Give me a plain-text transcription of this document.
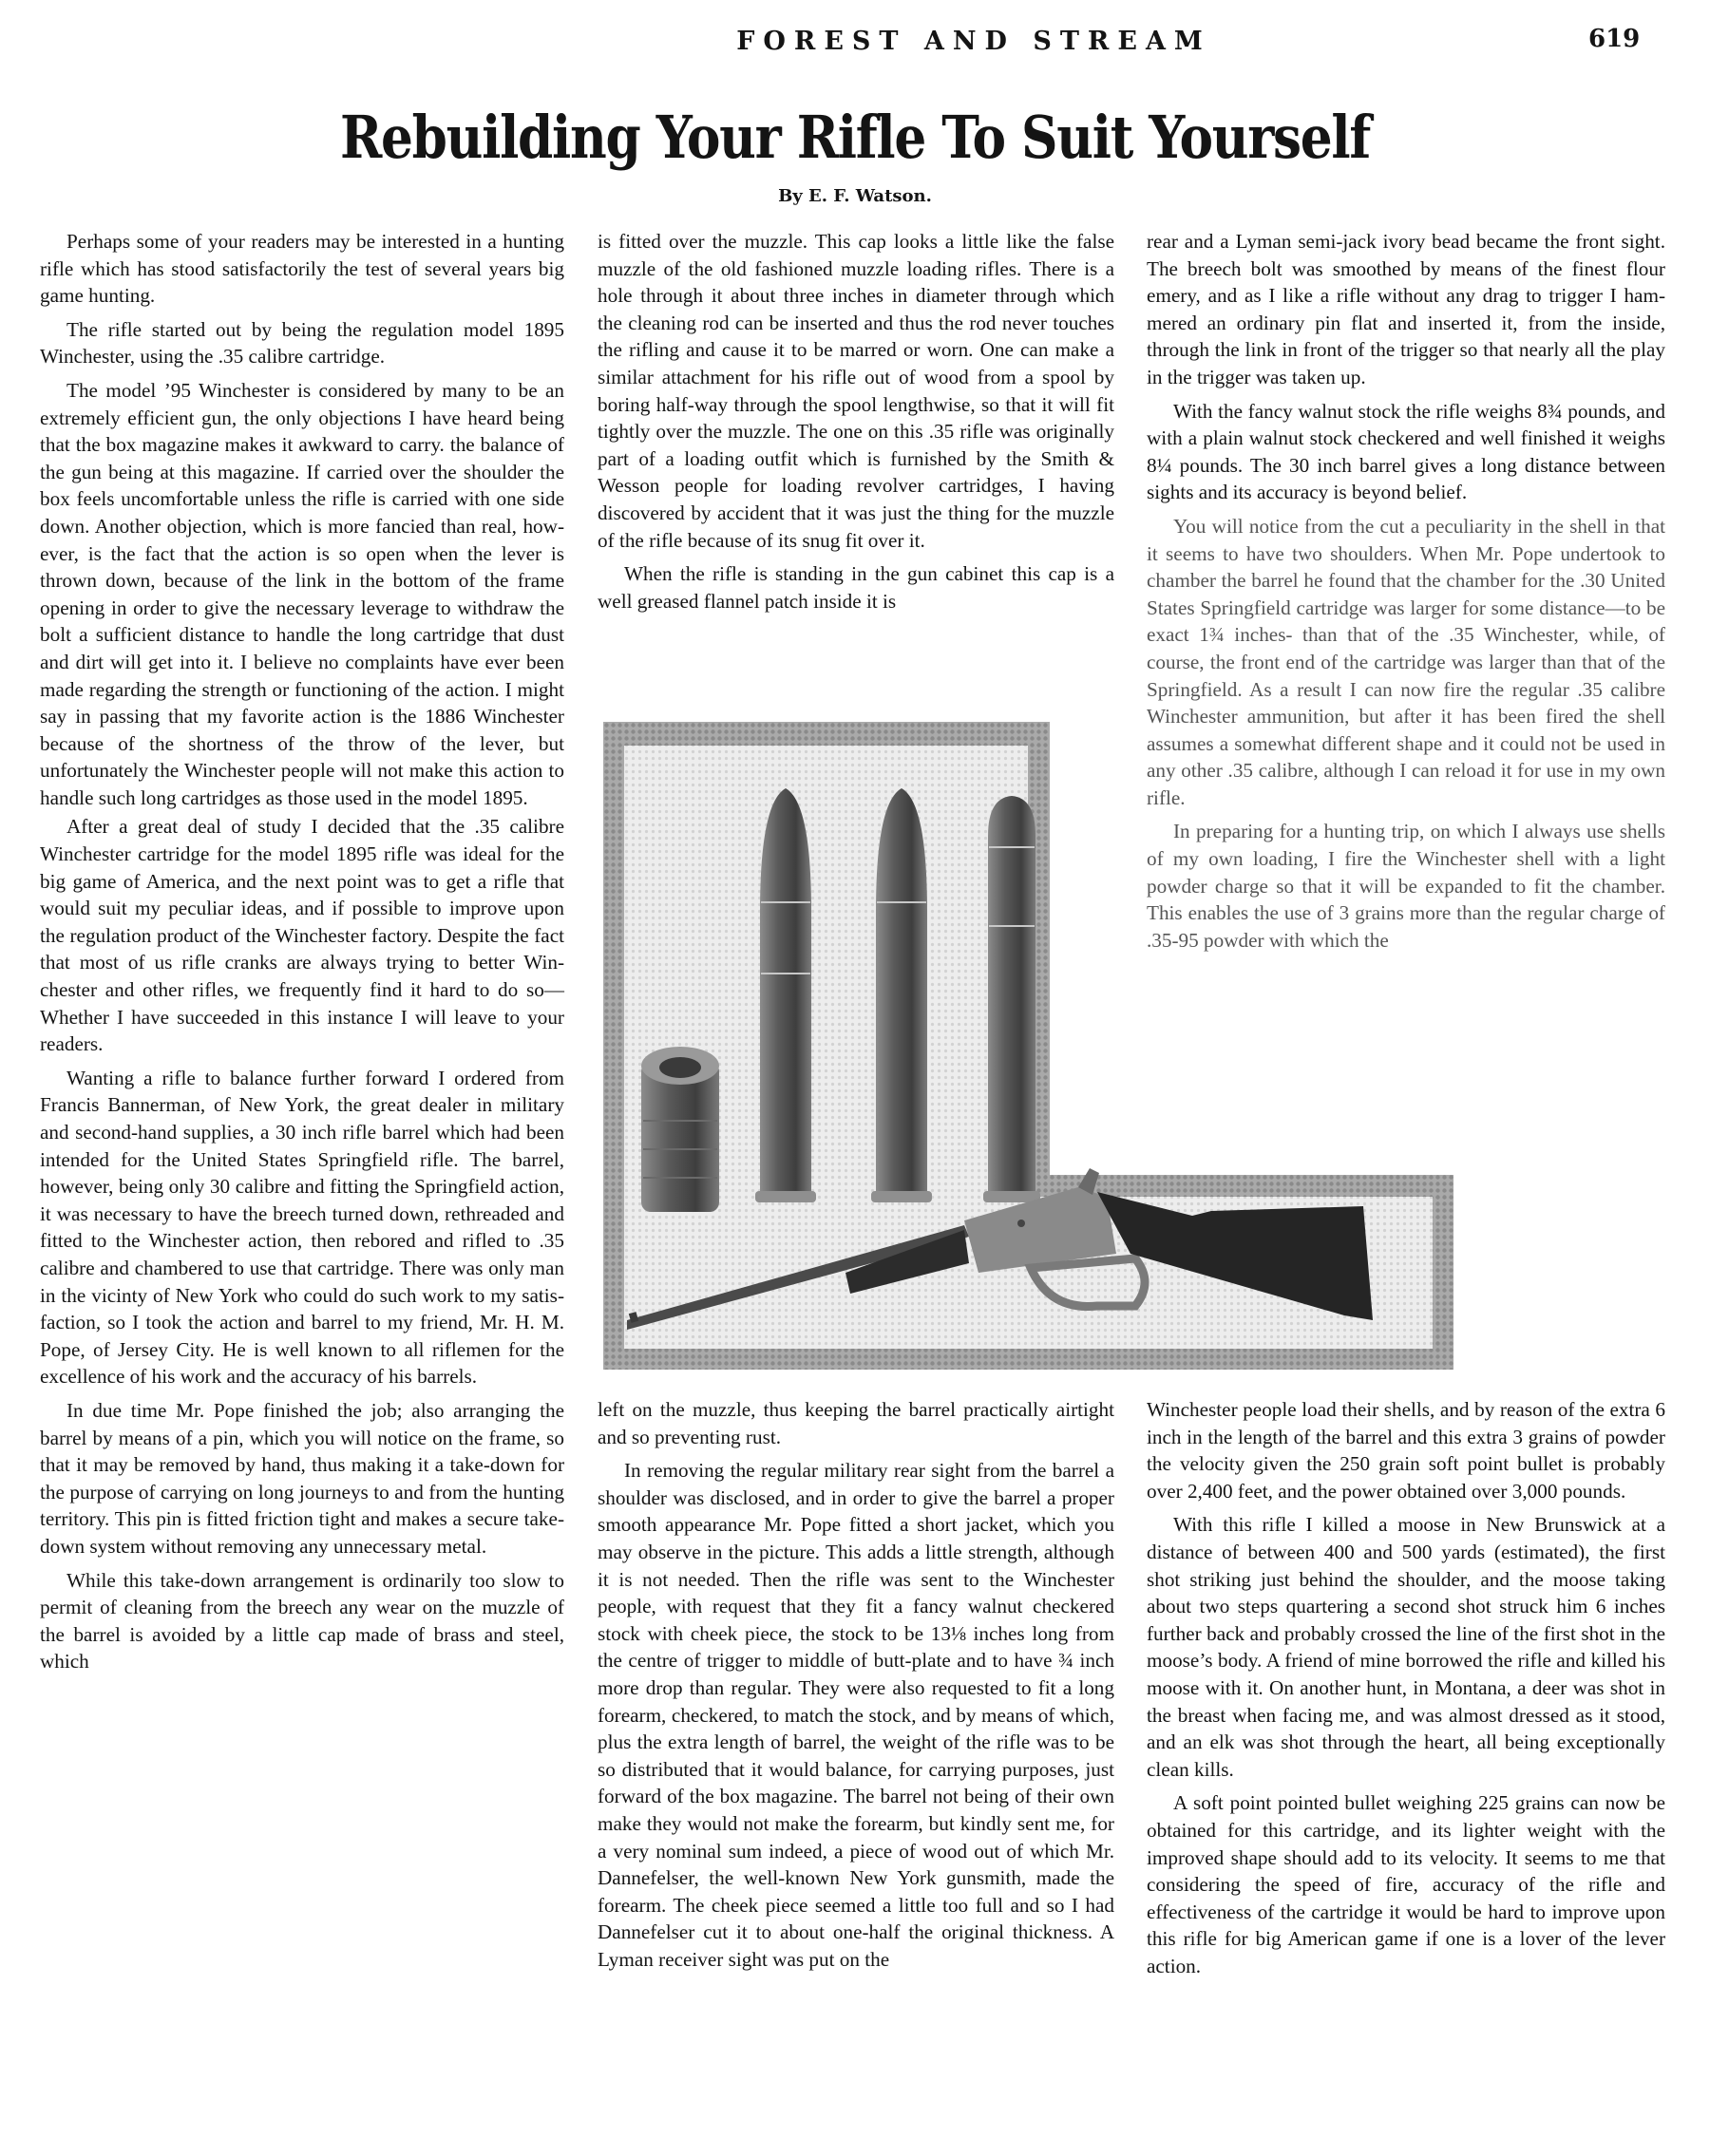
FOREST AND STREAM	619
Rebuilding Your Rifle To Suit Yourself
By E. F. Watson.

Perhaps some of your readers may be interested in a hunting rifle which has stood satisfactorily the test of several years big game hunting.

The rifle started out by being the regulation model 1895 Winchester, using the .35 calibre cartridge.

The model ’95 Winchester is considered by many to be an extremely efficient gun, the only objections I have heard being that the box magazine makes it awkward to carry. the balance of the gun being at this magazine. If carried over the shoulder the box feels uncomfortable unless the rifle is carried with one side down. Another objection, which is more fancied than real, however, is the fact that the action is so open when the lever is thrown down, because of the link in the bottom of the frame opening in order to give the necessary leverage to withdraw the bolt a sufficient distance to handle the long cartridge that dust and dirt will get into it. I believe no complaints have ever been made regarding the strength or functioning of the action. I might say in passing that my favorite action is the 1886 Winchester because of the shortness of the throw of the lever, but unfortunately the Winchester people will not make this action to handle such long cartridges as those used in the model 1895.

After a great deal of study I decided that the .35 calibre Winchester cartridge for the model 1895 rifle was ideal for the big game of America, and the next point was to get a rifle that would suit my peculiar ideas, and if possible to improve upon the regulation product of the Winchester factory. Despite the fact that most of us rifle cranks are always trying to better Winchester and other rifles, we frequently find it hard to do so—Whether I have succeeded in this instance I will leave to your readers.

Wanting a rifle to balance further forward I ordered from Francis Bannerman, of New York, the great dealer in military and second-hand supplies, a 30 inch rifle barrel which had been intended for the United States Springfield rifle. The barrel, however, being only 30 calibre and fitting the Springfield action, it was necessary to have the breech turned down, rethreaded and fitted to the Winchester action, then rebored and rifled to .35 calibre and chambered to use that cartridge. There was only man in the vicinty of New York who could do such work to my satisfaction, so I took the action and barrel to my friend, Mr. H. M. Pope, of Jersey City. He is well known to all riflemen for the excellence of his work and the accuracy of his barrels.

In due time Mr. Pope finished the job; also arranging the barrel by means of a pin, which you will notice on the frame, so that it may be removed by hand, thus making it a take-down for the purpose of carrying on long journeys to and from the hunting territory. This pin is fitted friction tight and makes a secure takedown system without removing any unnecessary metal.

While this take-down arrangement is ordinarily too slow to permit of cleaning from the breech any wear on the muzzle of the barrel is avoided by a little cap made of brass and steel, which

is fitted over the muzzle. This cap looks a little like the false muzzle of the old fashioned muzzle loading rifles. There is a hole through it about three inches in diameter through which the cleaning rod can be inserted and thus the rod never touches the rifling and cause it to be marred or worn. One can make a similar attachment for his rifle out of wood from a spool by boring half-way through the spool lengthwise, so that it will fit tightly over the muzzle. The one on this .35 rifle was originally part of a loading outfit which is furnished by the Smith & Wesson people for loading revolver cartridges, I having discovered by accident that it was just the thing for the muzzle of the rifle because of its snug fit over it.

When the rifle is standing in the gun cabinet this cap is a well greased flannel patch inside it is

rear and a Lyman semi-jack ivory bead became the front sight. The breech bolt was smoothed by means of the finest flour emery, and as I like a rifle without any drag to trigger I hammered an ordinary pin flat and inserted it, from the inside, through the link in front of the trigger so that nearly all the play in the trigger was taken up.

With the fancy walnut stock the rifle weighs 8¾ pounds, and with a plain walnut stock checkered and well finished it weighs 8¼ pounds. The 30 inch barrel gives a long distance between sights and its accuracy is beyond belief.

You will notice from the cut a peculiarity in the shell in that it seems to have two shoulders. When Mr. Pope undertook to chamber the barrel he found that the chamber for the .30 United States Springfield cartridge was larger for some distance—to be exact 1¾ inches- than that of the .35 Winchester, while, of course, the front end of the cartridge was larger than that of the Springfield. As a result I can now fire the regular .35 calibre Winchester ammunition, but after it has been fired the shell assumes a somewhat different shape and it could not be used in any other .35 calibre, although I can reload it for use in my own rifle.

In preparing for a hunting trip, on which I always use shells of my own loading, I fire the Winchester shell with a light powder charge so that it will be expanded to fit the chamber. This enables the use of 3 grains more than the regular charge of .35-95 powder with which the

left on the muzzle, thus keeping the barrel practically airtight and so preventing rust.

In removing the regular military rear sight from the barrel a shoulder was disclosed, and in order to give the barrel a proper smooth appearance Mr. Pope fitted a short jacket, which you may observe in the picture. This adds a little strength, although it is not needed. Then the rifle was sent to the Winchester people, with request that they fit a fancy walnut checkered stock with cheek piece, the stock to be 13⅛ inches long from the centre of trigger to middle of butt-plate and to have ¾ inch more drop than regular. They were also requested to fit a long forearm, checkered, to match the stock, and by means of which, plus the extra length of barrel, the weight of the rifle was to be so distributed that it would balance, for carrying purposes, just forward of the box magazine. The barrel not being of their own make they would not make the forearm, but kindly sent me, for a very nominal sum indeed, a piece of wood out of which Mr. Dannefelser, the well-known New York gunsmith, made the forearm. The cheek piece seemed a little too full and so I had Dannefelser cut it to about one-half the original thickness. A Lyman receiver sight was put on the

Winchester people load their shells, and by reason of the extra 6 inch in the length of the barrel and this extra 3 grains of powder the velocity given the 250 grain soft point bullet is probably over 2,400 feet, and the power obtained over 3,000 pounds.

With this rifle I killed a moose in New Brunswick at a distance of between 400 and 500 yards (estimated), the first shot striking just behind the shoulder, and the moose taking about two steps quartering a second shot struck him 6 inches further back and probably crossed the line of the first shot in the moose’s body. A friend of mine borrowed the rifle and killed his moose with it. On another hunt, in Montana, a deer was shot in the breast when facing me, and was almost dressed as it stood, and an elk was shot through the heart, all being exceptionally clean kills.

A soft point pointed bullet weighing 225 grains can now be obtained for this cartridge, and its lighter weight with the improved shape should add to its velocity. It seems to me that considering the speed of fire, accuracy of the rifle and effectiveness of the cartridge it would be hard to improve upon this rifle for big American game if one is a lover of the lever action.
